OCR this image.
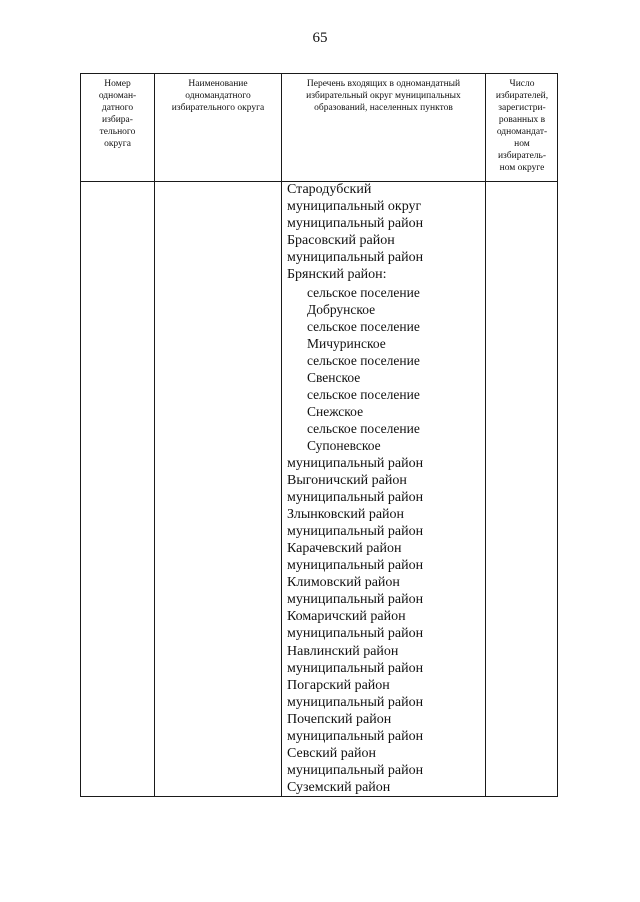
65
Номер
одноман-
датного
избира-
тельного
округа
Наименование
одномандатного
избирательного округа
Перечень входящих в одномандатный
избирательный округ муниципальных
образований, населенных пунктов
Число
избирателей,
зарегистри-
рованных в
одномандат-
ном
избиратель-
ном округе
Стародубский
муниципальный округ
муниципальный район
Брасовский район
муниципальный район
Брянский район:
сельское поселение
Добрунское
сельское поселение
Мичуринское
сельское поселение
Свенское
сельское поселение
Снежское
сельское поселение
Супоневское
муниципальный район
Выгоничский район
муниципальный район
Злынковский район
муниципальный район
Карачевский район
муниципальный район
Климовский район
муниципальный район
Комаричский район
муниципальный район
Навлинский район
муниципальный район
Погарский район
муниципальный район
Почепский район
муниципальный район
Севский район
муниципальный район
Суземский район
